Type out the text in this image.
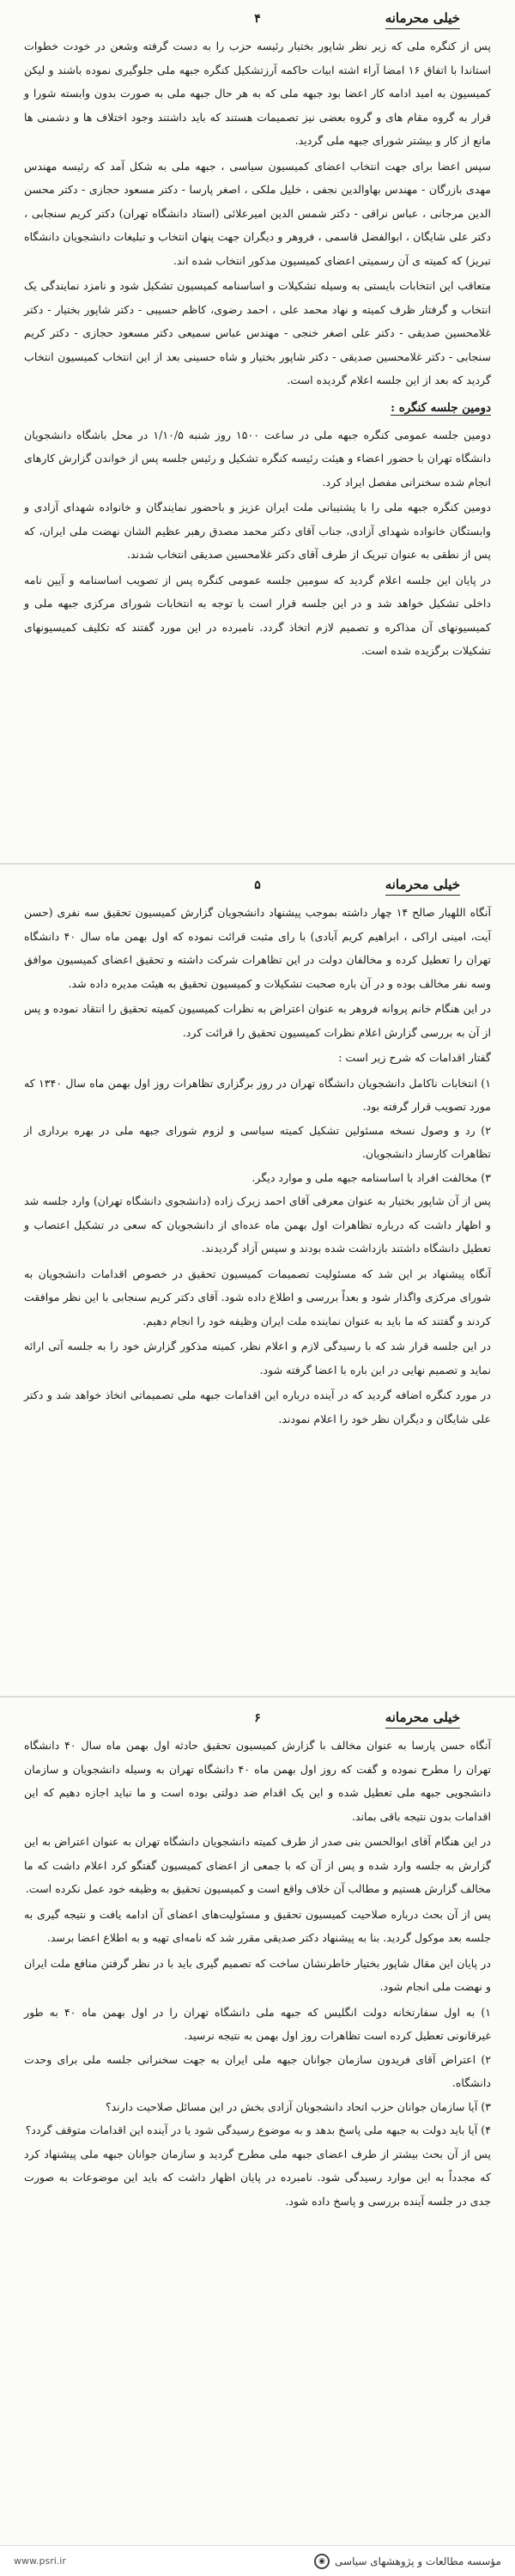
خیلی محرمانه
۴

پس از کنگره ملی که زیر نظر شاپور بختیار رئیسه حزب را به دست گرفته وشعن در خودت خطوات استاندا با اتفاق ۱۶ امضا آراء اشته ابیات حاکمه آرزتشکیل کنگره جبهه ملی جلوگیری نموده باشند و لیکن کمیسیون به امید ادامه کار اعضا بود جبهه ملی که به هر حال جبهه ملی به صورت بدون وابسته شورا و قرار به گروه مقام های و گروه بعضی نیز تصمیمات هستند که باید داشتند وجود اختلاف ها و دشمنی ها مانع از کار و بیشتر شورای جبهه ملی گردید.

سپس اعضا برای جهت انتخاب اعضای کمیسیون سیاسی ، جبهه ملی به شکل آمد که رئیسه مهندس مهدی بازرگان - مهندس بهاوالدین نجفی ، خلیل ملکی ، اصغر پارسا - دکتر مسعود حجازی - دکتر محسن الدین مرجانی ، عباس نراقی - دکتر شمس الدین امیرعلائی (استاد دانشگاه تهران) دکتر کریم سنجابی ، دکتر علی شایگان ، ابوالفضل قاسمی ، فروهر و دیگران جهت پنهان انتخاب و تبلیغات دانشجویان دانشگاه تبریز) که کمیته ی آن رسمیتی اعضای کمیسیون مذکور انتخاب شده اند.

متعاقب این انتخابات بایستی به وسیله تشکیلات و اساسنامه کمیسیون تشکیل شود و نامزد نمایندگی یک انتخاب و گرفتار ظرف کمیته و نهاد محمد علی ، احمد رضوی، کاظم حسیبی - دکتر شاپور بختیار - دکتر غلامحسین صدیقی - دکتر علی اصغر خنجی - مهندس عباس سمیعی دکتر مسعود حجازی - دکتر کریم سنجابی - دکتر غلامحسین صدیقی - دکتر شاپور بختیار و شاه حسینی بعد از این انتخاب کمیسیون انتخاب گردید که بعد از این جلسه اعلام گردیده است.

دومین جلسه کنگره :

دومین جلسه عمومی کنگره جبهه ملی در ساعت ۱۵۰۰ روز شنبه ۱/۱۰/۵ در محل باشگاه دانشجویان دانشگاه تهران با حضور اعضاء و هیئت رئیسه کنگره تشکیل و رئیس جلسه پس از خواندن گزارش کارهای انجام شده سخنرانی مفصل ایراد کرد.

دومین کنگره جبهه ملی را با پشتیبانی ملت ایران عزیز و باحضور نمایندگان و خانواده شهدای آزادی و وابستگان خانواده شهدای آزادی، جناب آقای دکتر محمد مصدق رهبر عظیم الشان نهضت ملی ایران، که پس از نطقی به عنوان تبریک از طرف آقای دکتر غلامحسین صدیقی انتخاب شدند.

در پایان این جلسه اعلام گردید که سومین جلسه عمومی کنگره پس از تصویب اساسنامه و آیین نامه داخلی تشکیل خواهد شد و در این جلسه قرار است با توجه به انتخابات شورای مرکزی جبهه ملی و کمیسیونهای آن مذاکره و تصمیم لازم اتخاذ گردد. نامبرده در این مورد گفتند که تکلیف کمیسیونهای تشکیلات برگزیده شده است.

خیلی محرمانه
۵

آنگاه اللهیار صالح ۱۴ چهار داشته بموجب پیشنهاد دانشجویان گزارش کمیسیون تحقیق سه نفری (حسن آیت، امینی اراکی ، ابراهیم کریم آبادی) با رای مثبت قرائت نموده که اول بهمن ماه سال ۴۰ دانشگاه تهران را تعطیل کرده و مخالفان دولت در این تظاهرات شرکت داشته و تحقیق اعضای کمیسیون موافق وسه نفر مخالف بوده و در آن باره صحبت تشکیلات و کمیسیون تحقیق به هیئت مدیره داده شد.

در این هنگام خانم پروانه فروهر به عنوان اعتراض به نظرات کمیسیون کمیته تحقیق را انتقاد نموده و پس از آن به بررسی گزارش اعلام نظرات کمیسیون تحقیق را قرائت کرد.

گفتار اقدامات که شرح زیر است :

۱) انتخابات ناکامل دانشجویان دانشگاه تهران در روز برگزاری تظاهرات روز اول بهمن ماه سال ۱۳۴۰ که مورد تصویب قرار گرفته بود.

۲) رد و وصول نسخه مسئولین تشکیل کمیته سیاسی و لزوم شورای جبهه ملی در بهره برداری از تظاهرات کارساز دانشجویان.

۳) مخالفت افراد با اساسنامه جبهه ملی و موارد دیگر.

پس از آن شاپور بختیار به عنوان معرفی آقای احمد زیرک زاده (دانشجوی دانشگاه تهران) وارد جلسه شد و اظهار داشت که درباره تظاهرات اول بهمن ماه عده‌ای از دانشجویان که سعی در تشکیل اعتصاب و تعطیل دانشگاه داشتند بازداشت شده بودند و سپس آزاد گردیدند.

آنگاه پیشنهاد بر این شد که مسئولیت تصمیمات کمیسیون تحقیق در خصوص اقدامات دانشجویان به شورای مرکزی واگذار شود و بعداً بررسی و اطلاع داده شود. آقای دکتر کریم سنجابی با این نظر موافقت کردند و گفتند که ما باید به عنوان نماینده ملت ایران وظیفه خود را انجام دهیم.

در این جلسه قرار شد که با رسیدگی لازم و اعلام نظر، کمیته مذکور گزارش خود را به جلسه آتی ارائه نماید و تصمیم نهایی در این باره با اعضا گرفته شود.

در مورد کنگره اضافه گردید که در آینده درباره این اقدامات جبهه ملی تصمیماتی اتخاذ خواهد شد و دکتر علی شایگان و دیگران نظر خود را اعلام نمودند.

خیلی محرمانه
۶

آنگاه حسن پارسا به عنوان مخالف با گزارش کمیسیون تحقیق حادثه اول بهمن ماه سال ۴۰ دانشگاه تهران را مطرح نموده و گفت که روز اول بهمن ماه ۴۰ دانشگاه تهران به وسیله دانشجویان و سازمان دانشجویی جبهه ملی تعطیل شده و این یک اقدام ضد دولتی بوده است و ما نباید اجازه دهیم که این اقدامات بدون نتیجه باقی بماند.

در این هنگام آقای ابوالحسن بنی صدر از طرف کمیته دانشجویان دانشگاه تهران به عنوان اعتراض به این گزارش به جلسه وارد شده و پس از آن که با جمعی از اعضای کمیسیون گفتگو کرد اعلام داشت که ما مخالف گزارش هستیم و مطالب آن خلاف واقع است و کمیسیون تحقیق به وظیفه خود عمل نکرده است.

پس از آن بحث درباره صلاحیت کمیسیون تحقیق و مسئولیت‌های اعضای آن ادامه یافت و نتیجه گیری به جلسه بعد موکول گردید. بنا به پیشنهاد دکتر صدیقی مقرر شد که نامه‌ای تهیه و به اطلاع اعضا برسد.

در پایان این مقال شاپور بختیار خاطرنشان ساخت که تصمیم گیری باید با در نظر گرفتن منافع ملت ایران و نهضت ملی انجام شود.

۱) به اول سفارتخانه دولت انگلیس که جبهه ملی دانشگاه تهران را در اول بهمن ماه ۴۰ به طور غیرقانونی تعطیل کرده است تظاهرات روز اول بهمن به نتیجه نرسید.

۲) اعتراض آقای فریدون سازمان جوانان جبهه ملی ایران به جهت سخنرانی جلسه ملی برای وحدت دانشگاه.

۳) آیا سازمان جوانان حزب اتحاد دانشجویان آزادی بخش در این مسائل صلاحیت دارند؟

۴) آیا باید دولت به جبهه ملی پاسخ بدهد و به موضوع رسیدگی شود یا در آینده این اقدامات متوقف گردد؟

پس از آن بحث بیشتر از طرف اعضای جبهه ملی مطرح گردید و سازمان جوانان جبهه ملی پیشنهاد کرد که مجدداً به این موارد رسیدگی شود. نامبرده در پایان اظهار داشت که باید این موضوعات به صورت جدی در جلسه آینده بررسی و پاسخ داده شود.

www.psri.ir	مؤسسه مطالعات و پژوهشهای سیاسی
◉
